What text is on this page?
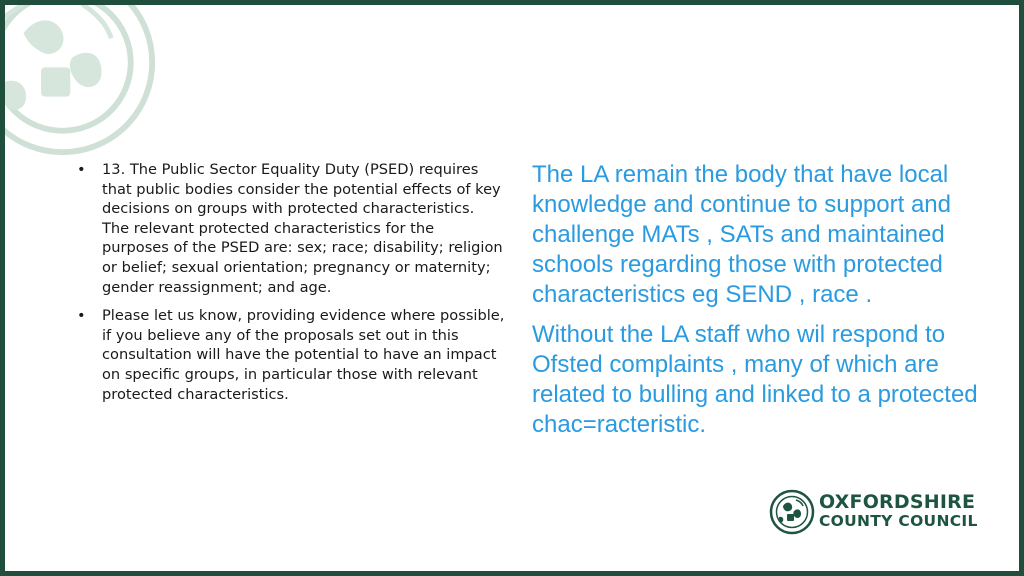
• 13. The Public Sector Equality Duty (PSED) requires that public bodies consider the potential effects of key decisions on groups with protected characteristics. The relevant protected characteristics for the purposes of the PSED are: sex; race; disability; religion or belief; sexual orientation; pregnancy or maternity; gender reassignment; and age.
• Please let us know, providing evidence where possible, if you believe any of the proposals set out in this consultation will have the potential to have an impact on specific groups, in particular those with relevant protected characteristics.

The LA remain the body that have local knowledge and continue to support and challenge MATs , SATs and maintained schools regarding those with protected characteristics eg SEND , race .

Without the LA staff who wil respond to Ofsted complaints , many of which are related to bulling and linked to a protected chac=racteristic.

OXFORDSHIRE
COUNTY COUNCIL
